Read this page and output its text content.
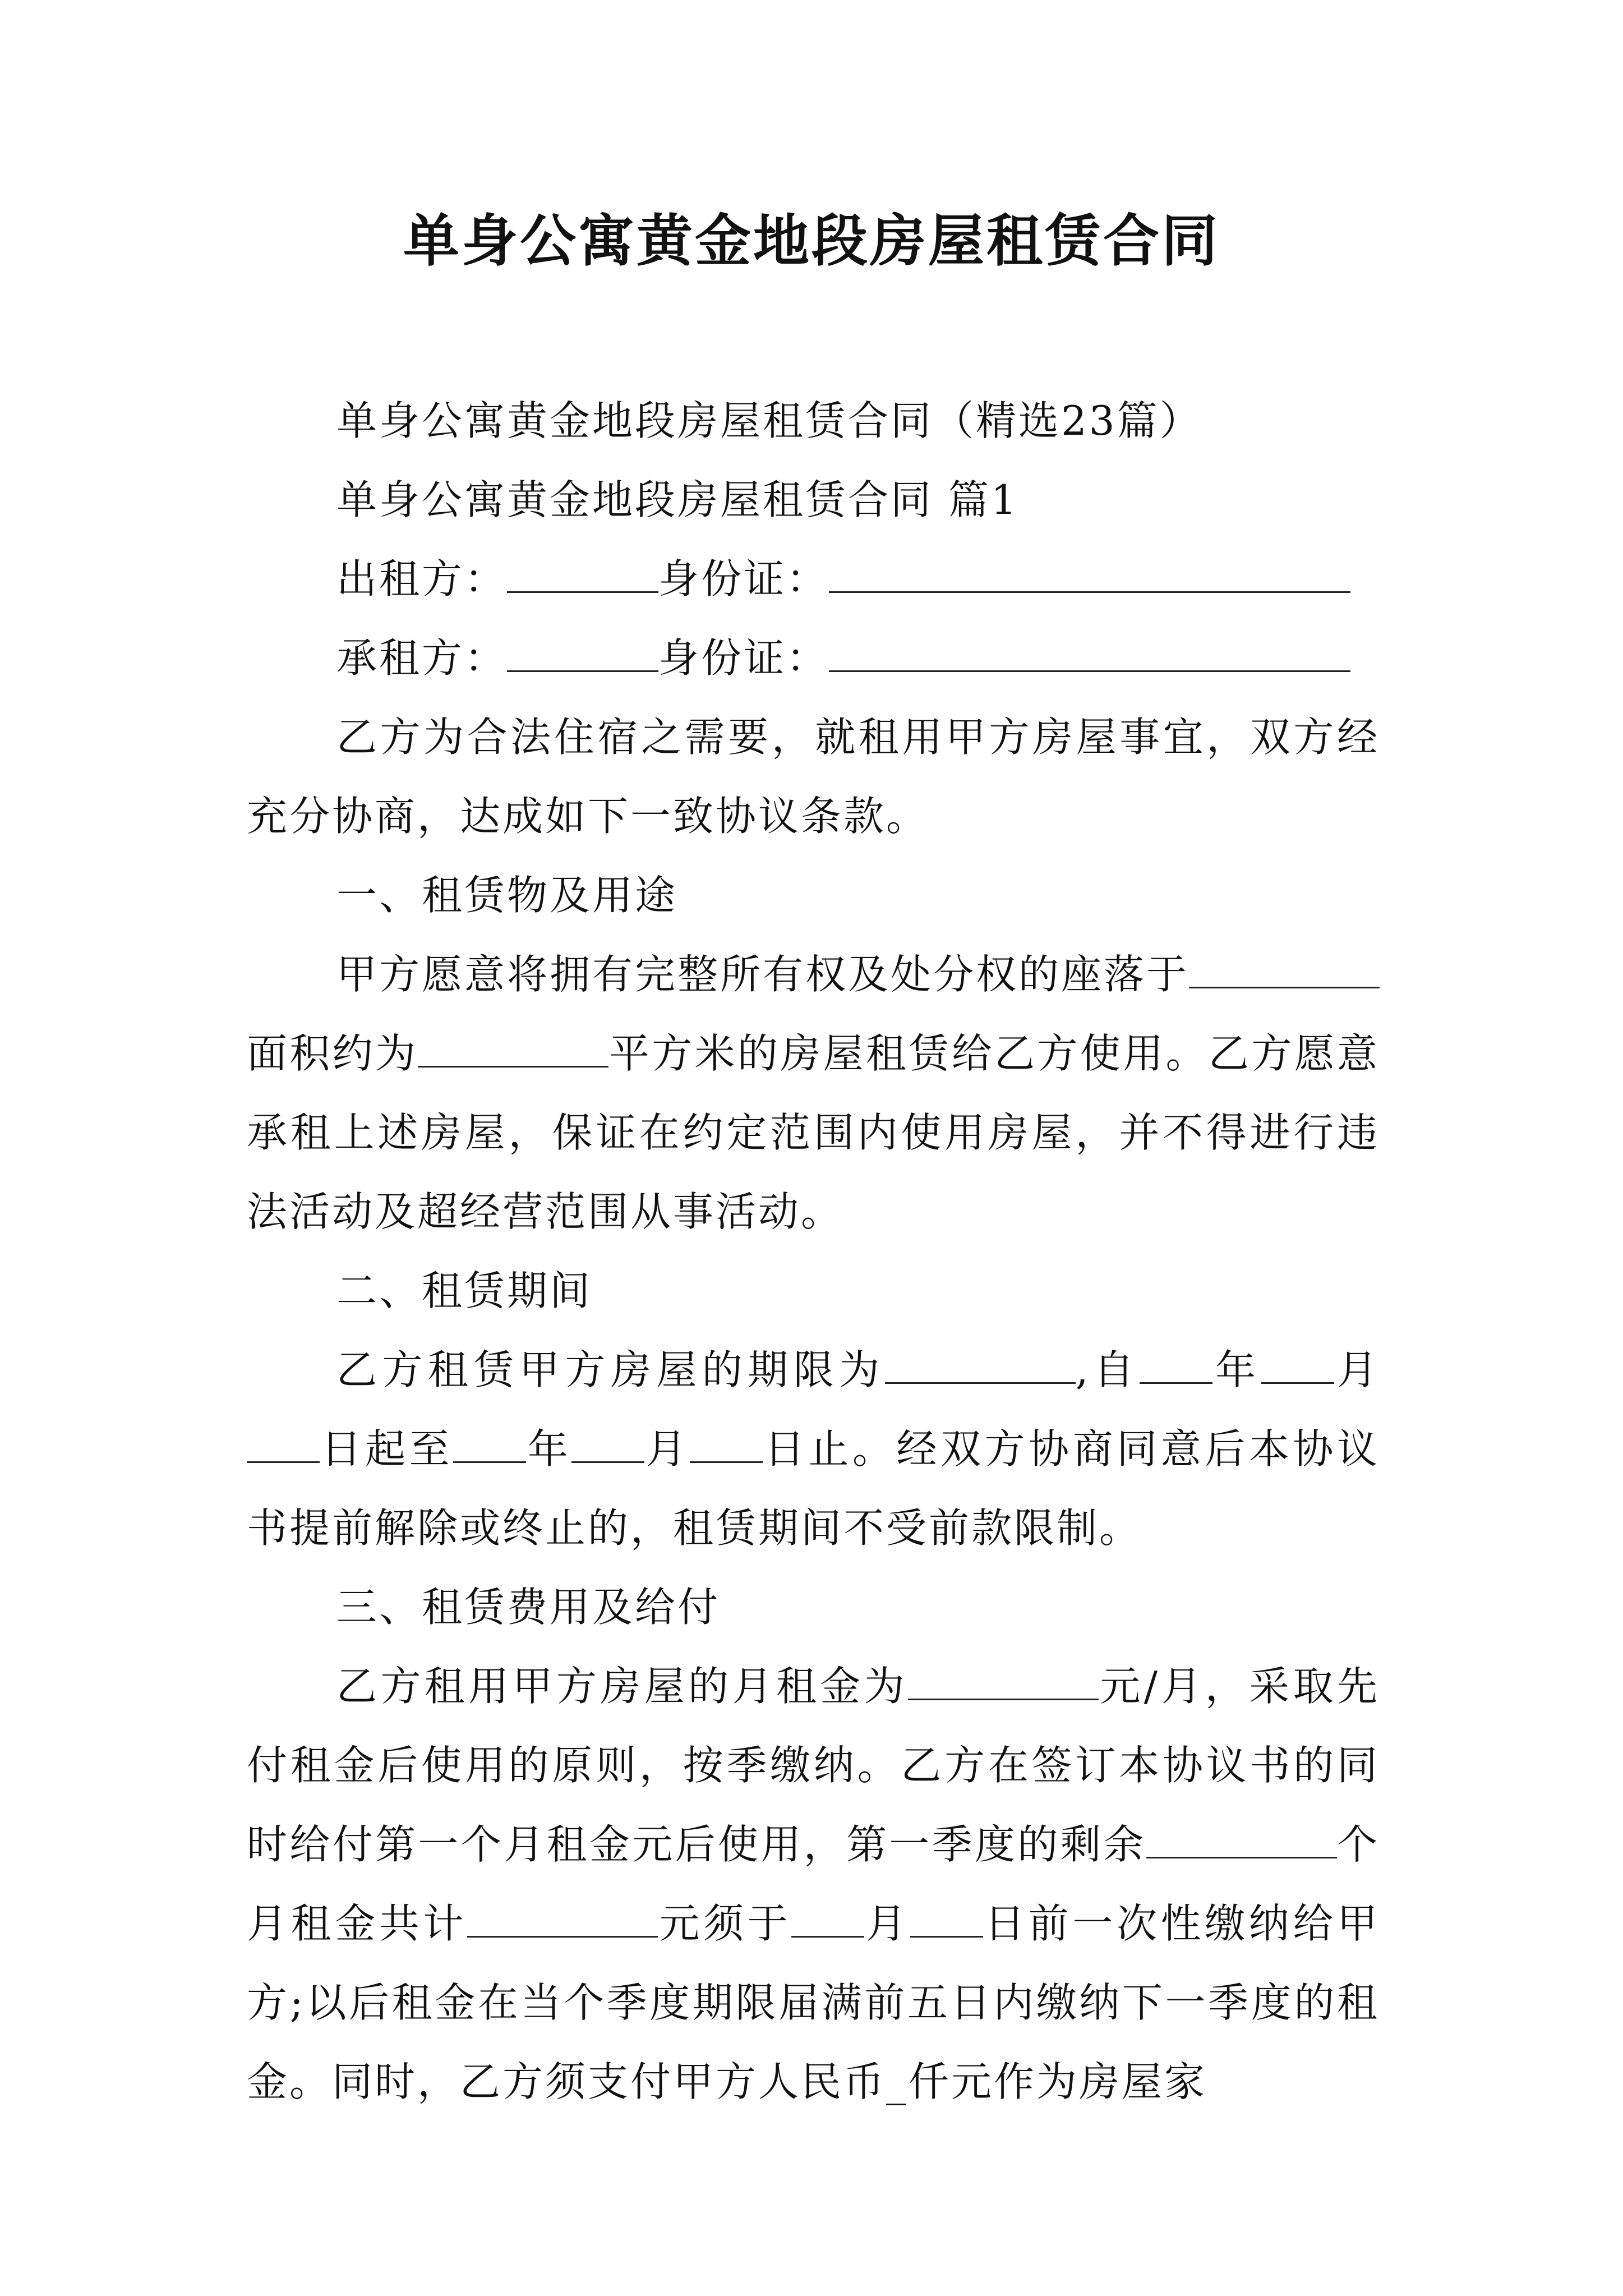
单身公寓黄金地段房屋租赁合同

单身公寓黄金地段房屋租赁合同（精选23篇）

单身公寓黄金地段房屋租赁合同 篇1

出租方：	身份证：

承租方：	身份证：

乙方为合法住宿之需要，就租用甲方房屋事宜，双方经充分协商，达成如下一致协议条款。

一、租赁物及用途

甲方愿意将拥有完整所有权及处分权的座落于面积约为	平方米的房屋租赁给乙方使用。乙方愿意承租上述房屋，保证在约定范围内使用房屋，并不得进行违法活动及超经营范围从事活动。

二、租赁期间

乙方租赁甲方房屋的期限为	,自 年 月日起至 年 月 日止。经双方协商同意后本协议书提前解除或终止的，租赁期间不受前款限制。

三、租赁费用及给付

乙方租用甲方房屋的月租金为	元/月，采取先付租金后使用的原则，按季缴纳。乙方在签订本协议书的同时给付第一个月租金元后使用，第一季度的剩余	个月租金共计	元须于 月 日前一次性缴纳给甲方;以后租金在当个季度期限届满前五日内缴纳下一季度的租金。同时，乙方须支付甲方人民币_仟元作为房屋家
